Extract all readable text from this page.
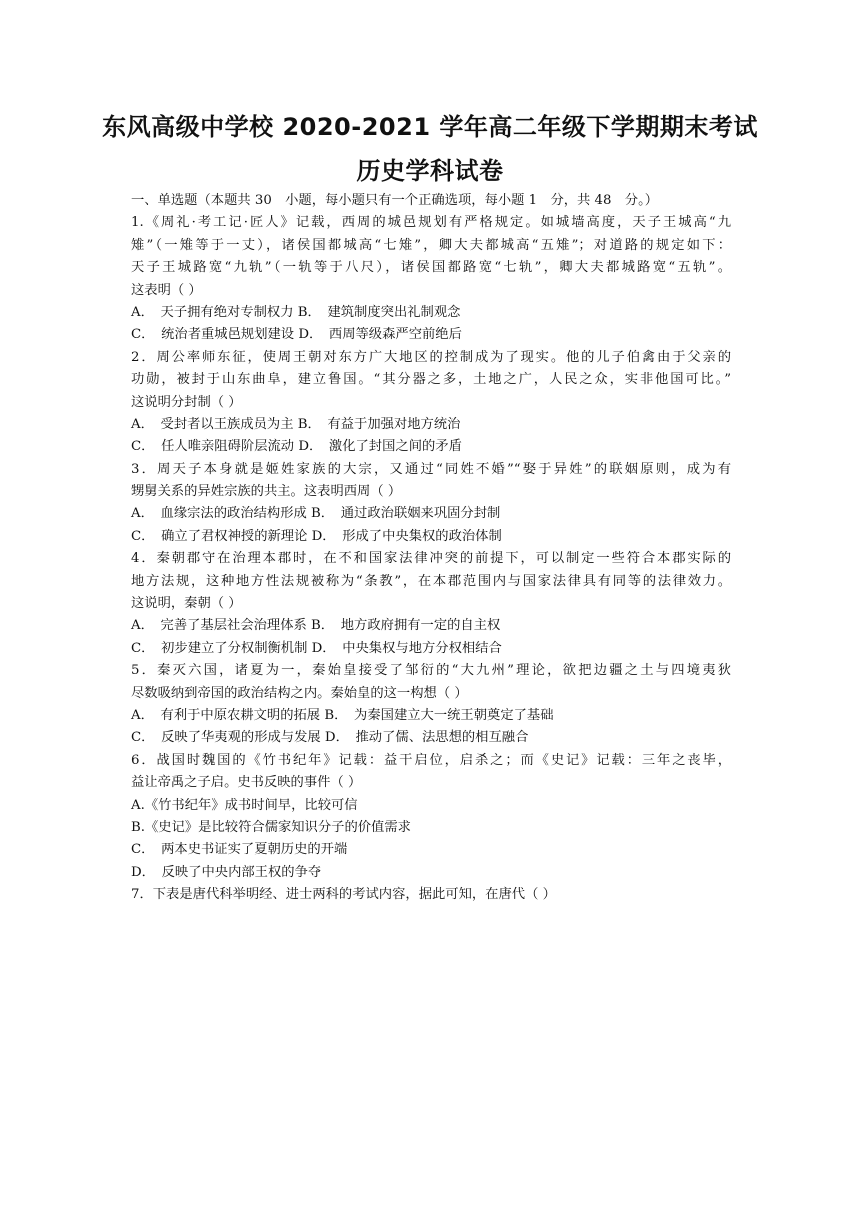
东风高级中学校 2020-2021 学年高二年级下学期期末考试
历史学科试卷
一、单选题（本题共 30　小题，每小题只有一个正确选项，每小题 1　分，共 48　分。）
1.《周礼·考工记·匠人》记载，西周的城邑规划有严格规定。如城墙高度，天子王城高“九
雉”（一雉等于一丈），诸侯国都城高“七雉”，卿大夫都城高“五雉”；对道路的规定如下：
天子王城路宽“九轨”（一轨等于八尺），诸侯国都路宽“七轨”，卿大夫都城路宽“五轨”。
这表明（ ）
A．　天子拥有绝对专制权力 B．　建筑制度突出礼制观念
C．　统治者重城邑规划建设 D．　西周等级森严空前绝后
2．周公率师东征，使周王朝对东方广大地区的控制成为了现实。他的儿子伯禽由于父亲的
功勋，被封于山东曲阜，建立鲁国。“其分器之多，土地之广，人民之众，实非他国可比。”
这说明分封制（ ）
A．　受封者以王族成员为主 B．　有益于加强对地方统治
C．　任人唯亲阻碍阶层流动 D．　激化了封国之间的矛盾
3．周天子本身就是姬姓家族的大宗，又通过“同姓不婚”“娶于异姓”的联姻原则，成为有
甥舅关系的异姓宗族的共主。这表明西周（ ）
A．　血缘宗法的政治结构形成 B．　通过政治联姻来巩固分封制
C．　确立了君权神授的新理论 D．　形成了中央集权的政治体制
4．秦朝郡守在治理本郡时，在不和国家法律冲突的前提下，可以制定一些符合本郡实际的
地方法规，这种地方性法规被称为“条教”，在本郡范围内与国家法律具有同等的法律效力。
这说明，秦朝（ ）
A．　完善了基层社会治理体系 B．　地方政府拥有一定的自主权
C．　初步建立了分权制衡机制 D．　中央集权与地方分权相结合
5．秦灭六国，诸夏为一，秦始皇接受了邹衍的“大九州”理论，欲把边疆之土与四境夷狄
尽数吸纳到帝国的政治结构之内。秦始皇的这一构想（ ）
A．　有利于中原农耕文明的拓展 B．　为秦国建立大一统王朝奠定了基础
C．　反映了华夷观的形成与发展 D．　推动了儒、法思想的相互融合
6．战国时魏国的《竹书纪年》记载：益干启位，启杀之；而《史记》记载：三年之丧毕，
益让帝禹之子启。史书反映的事件（ ）
A.《竹书纪年》成书时间早，比较可信
B.《史记》是比较符合儒家知识分子的价值需求
C．　两本史书证实了夏朝历史的开端
D．　反映了中央内部王权的争夺
7．下表是唐代科举明经、进士两科的考试内容，据此可知，在唐代（ ）
